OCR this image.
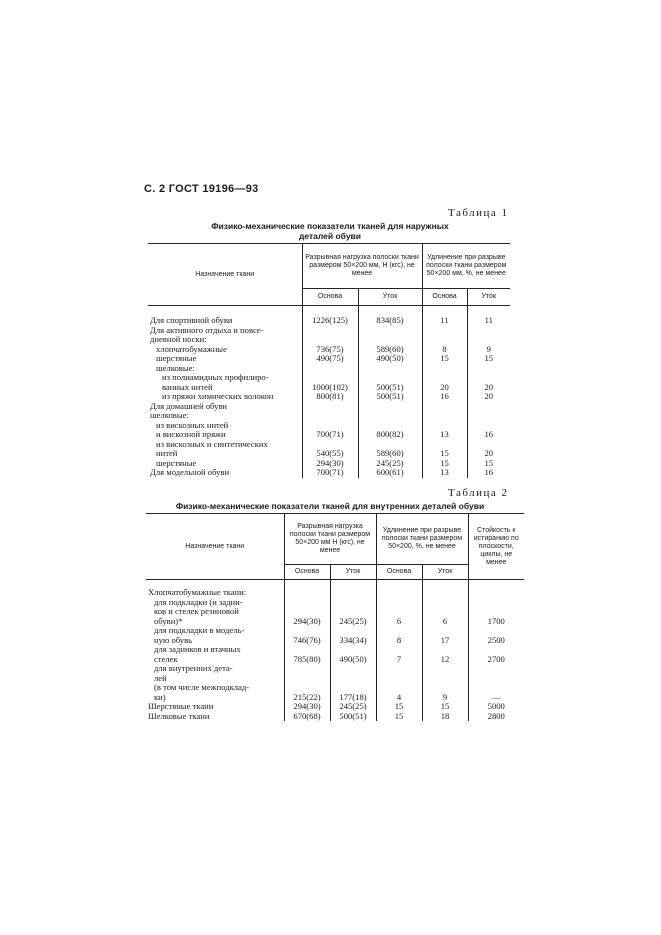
С. 2 ГОСТ 19196—93
Таблица 1
Физико-механические показатели тканей для наружных
деталей обуви
Назначение ткани	Разрывная нагрузка полоски ткани размером 50×200 мм, Н (кгс), не менее		Удлинение при разрыве полоски ткани размером 50×200 мм, %, не менее	
	Основа	Уток	Основа	Уток
Для спортивной обуви	1226(125)	834(85)	11	11
Для активного отдыха и повсе-				
дневной носки:				
хлопчатобумажные	736(75)	589(60)	8	9
шерстяные	490(75)	490(50)	15	15
шелковые:				
из полиамидных профилиро-				
ванных нитей	1000(102)	500(51)	20	20
из пряжи химических волокон	800(81)	500(51)	16	20
Для домашней обуви				
шелковые:				
из вискозных нитей				
и вискозной пряжи	700(71)	800(82)	13	16
из вискозных и синтетических				
нитей	540(55)	589(60)	15	20
шерстяные	294(30)	245(25)	15	15
Для модельной обуви	700(71)	600(61)	13	16
Таблица 2
Физико-механические показатели тканей для внутренних деталей обуви
Назначение ткани	Разрывная нагрузка полоски ткани размером 50×200 мм Н (кгс), не менее		Удлинение при разрыве полоски ткани размером 50×200, %, не менее		Стойкость к истиранию по плоскости, циклы, не менее
	Основа	Уток	Основа	Уток	
Хлопчатобумажные ткани:					
для подкладки (и задни-					
ков и стелек резиновой					
обуви)*	294(30)	245(25)	6	6	1700
для подкладки в модель-					
ную обувь	746(76)	334(34)	8	17	2500
для задников и втачных					
стелек	785(80)	490(50)	7	12	2700
для внутренних дета-					
лей					
(в том числе межподклад-					
ки)	215(22)	177(18)	4	9	—
Шерстяные ткани	294(30)	245(25)	15	15	5000
Шелковые ткани	670(68)	500(51)	15	18	2800
